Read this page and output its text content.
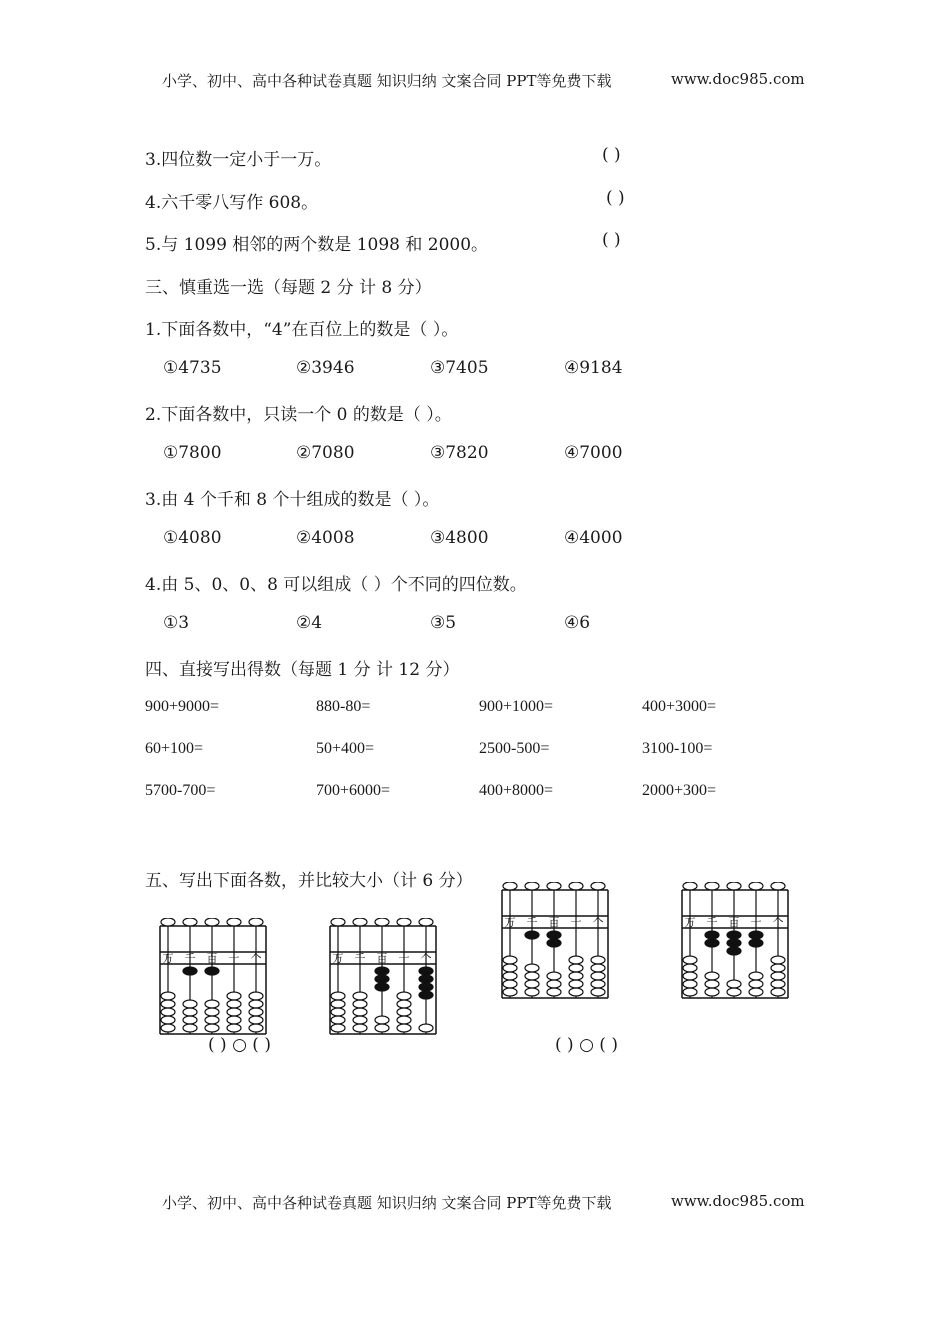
小学、初中、高中各种试卷真题 知识归纳 文案合同 PPT等免费下载	www.doc985.com
3.四位数一定小于一万。	( )
4.六千零八写作 608。	( )
5.与 1099 相邻的两个数是 1098 和 2000。	( )
三、慎重选一选（每题 2 分 计 8 分）
1.下面各数中，“4”在百位上的数是（ ）。
①4735	②3946	③7405	④9184
2.下面各数中，只读一个 0 的数是（ ）。
①7800	②7080	③7820	④7000
3.由 4 个千和 8 个十组成的数是（ ）。
①4080	②4008	③4800	④4000
4.由 5、0、0、8 可以组成（ ）个不同的四位数。
①3	②4	③5	④6
四、直接写出得数（每题 1 分 计 12 分）
900+9000=	880-80=	900+1000=	400+3000=
60+100=	50+400=	2500-500=	3100-100=
5700-700=	700+6000=	400+8000=	2000+300=
五、写出下面各数，并比较大小（计 6 分）
万 千 百 十 个	万 千 百 十 个
万 千 百 十 个	万 千 百 十 个
( ) ○ ( )	( ) ○ ( )
小学、初中、高中各种试卷真题 知识归纳 文案合同 PPT等免费下载	www.doc985.com
